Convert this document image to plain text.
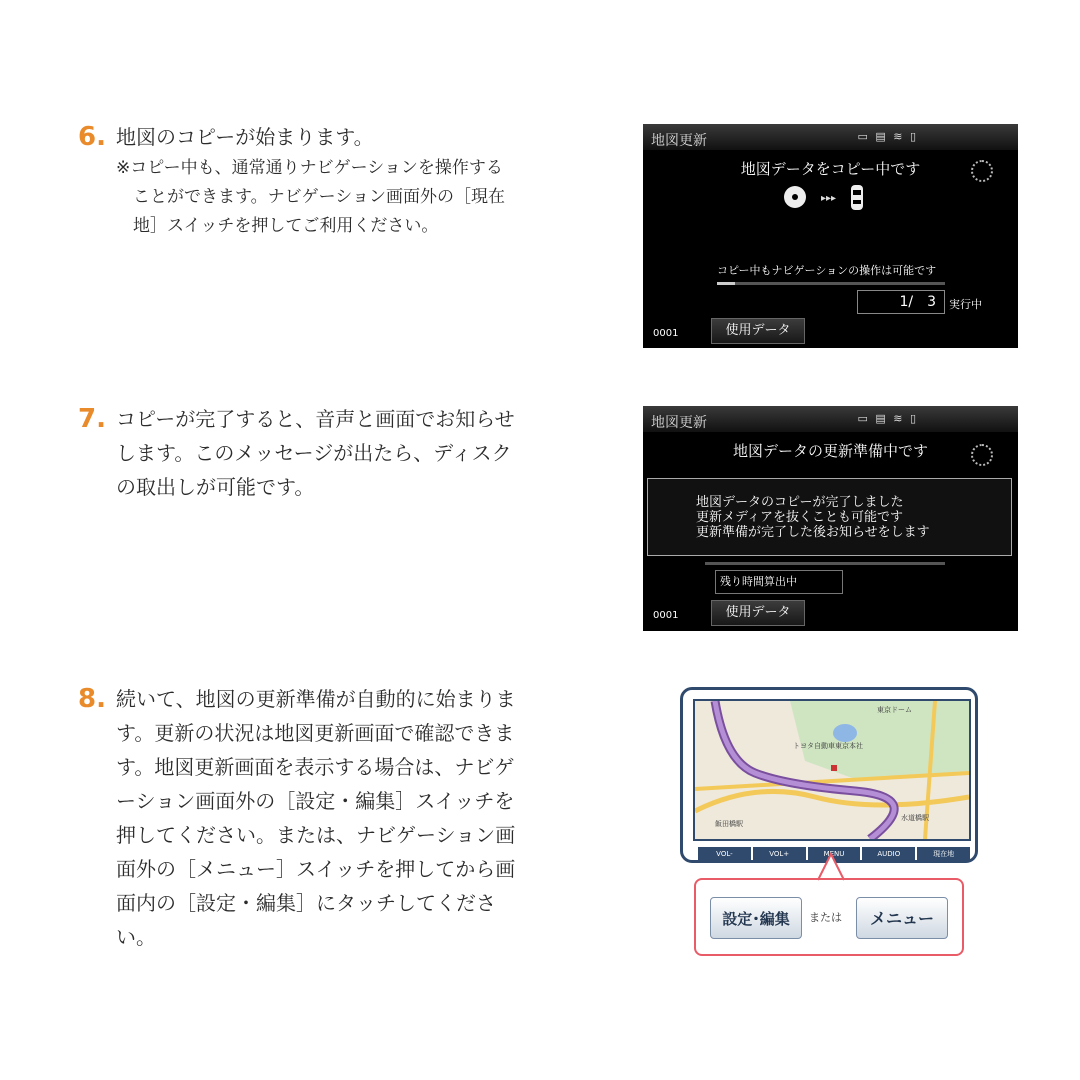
6. 地図のコピーが始まります。
※コピー中も、通常通りナビゲーションを操作する
　ことができます。ナビゲーション画面外の［現在
　地］スイッチを押してご利用ください。
地図更新	▭ ▤ ≋ ▯
地図データをコピー中です
▸▸▸
コピー中もナビゲーションの操作は可能です
1/　3	実行中
0001	使用データ
7. コピーが完了すると、音声と画面でお知らせ
します。このメッセージが出たら、ディスク
の取出しが可能です。
地図更新	▭ ▤ ≋ ▯
地図データの更新準備中です
地図データのコピーが完了しました
更新メディアを抜くことも可能です
更新準備が完了した後お知らせをします
残り時間算出中
0001	使用データ
8. 続いて、地図の更新準備が自動的に始まりま
す。更新の状況は地図更新画面で確認できま
す。地図更新画面を表示する場合は、ナビゲ
ーション画面外の［設定・編集］スイッチを
押してください。または、ナビゲーション画
面外の［メニュー］スイッチを押してから画
面内の［設定・編集］にタッチしてくださ
い。
東京ドーム
トヨタ自動車東京本社
水道橋駅
飯田橋駅
VOL-	VOL+	MENU	AUDIO	現在地
設定･編集	または	メニュー
